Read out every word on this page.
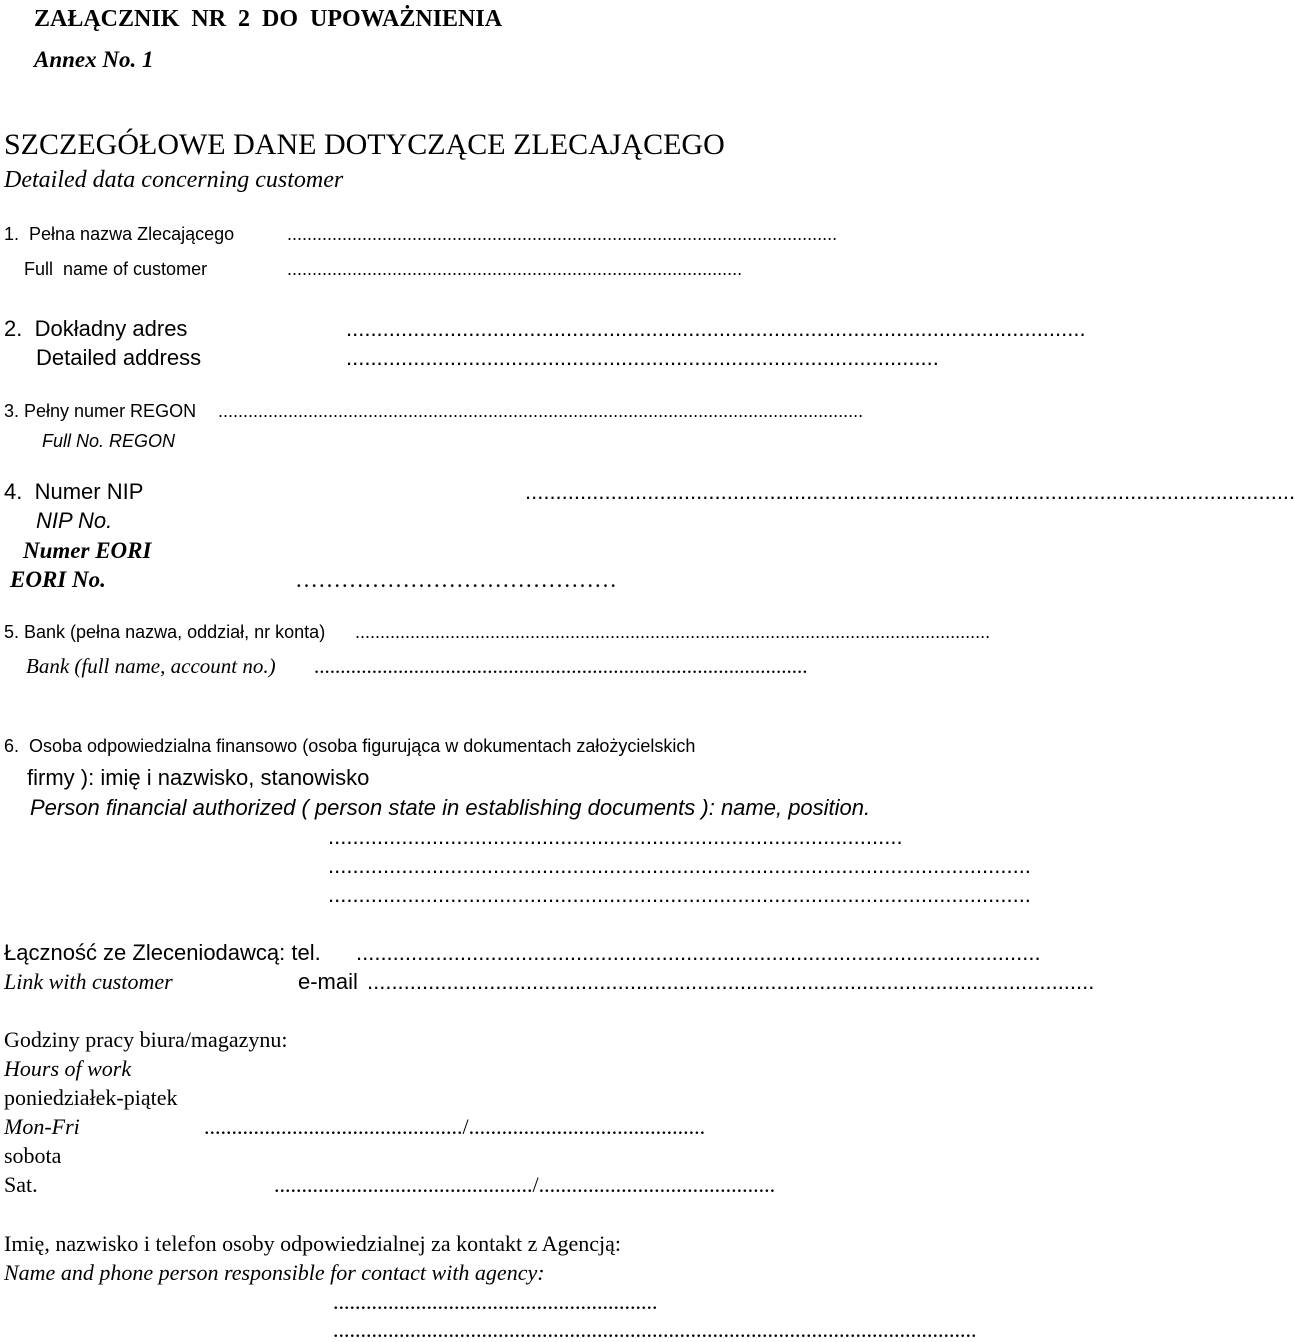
ZAŁĄCZNIK  NR  2  DO  UPOWAŻNIENIA
Annex No. 1
SZCZEGÓŁOWE DANE DOTYCZĄCE ZLECAJĄCEGO
Detailed data concerning customer
1.  Pełna nazwa Zlecającego	..............................................................................................................
Full  name of customer	...........................................................................................
2.  Dokładny adres	.........................................................................................................................
Detailed address	.................................................................................................
3. Pełny numer REGON .................................................................................................................................
Full No. REGON
4.  Numer NIP	..............................................................................................................................
NIP No.
Numer EORI
EORI No.	……………………………………
5. Bank (pełna nazwa, oddział, nr konta) ...............................................................................................................................
Bank (full name, account no.) ..............................................................................................
6.  Osoba odpowiedzialna finansowo (osoba figurująca w dokumentach założycielskich
firmy ): imię i nazwisko, stanowisko
Person financial authorized ( person state in establishing documents ): name, position.
..............................................................................................
...................................................................................................................
...................................................................................................................
Łączność ze Zleceniodawcą: tel. ................................................................................................................
Link with customer	e-mail .......................................................................................................................
Godziny pracy biura/magazynu:
Hours of work
poniedziałek-piątek
Mon-Fri	.............................................../...........................................
sobota
Sat.	.............................................../...........................................
Imię, nazwisko i telefon osoby odpowiedzialnej za kontakt z Agencją:
Name and phone person responsible for contact with agency:
...........................................................
.....................................................................................................................
